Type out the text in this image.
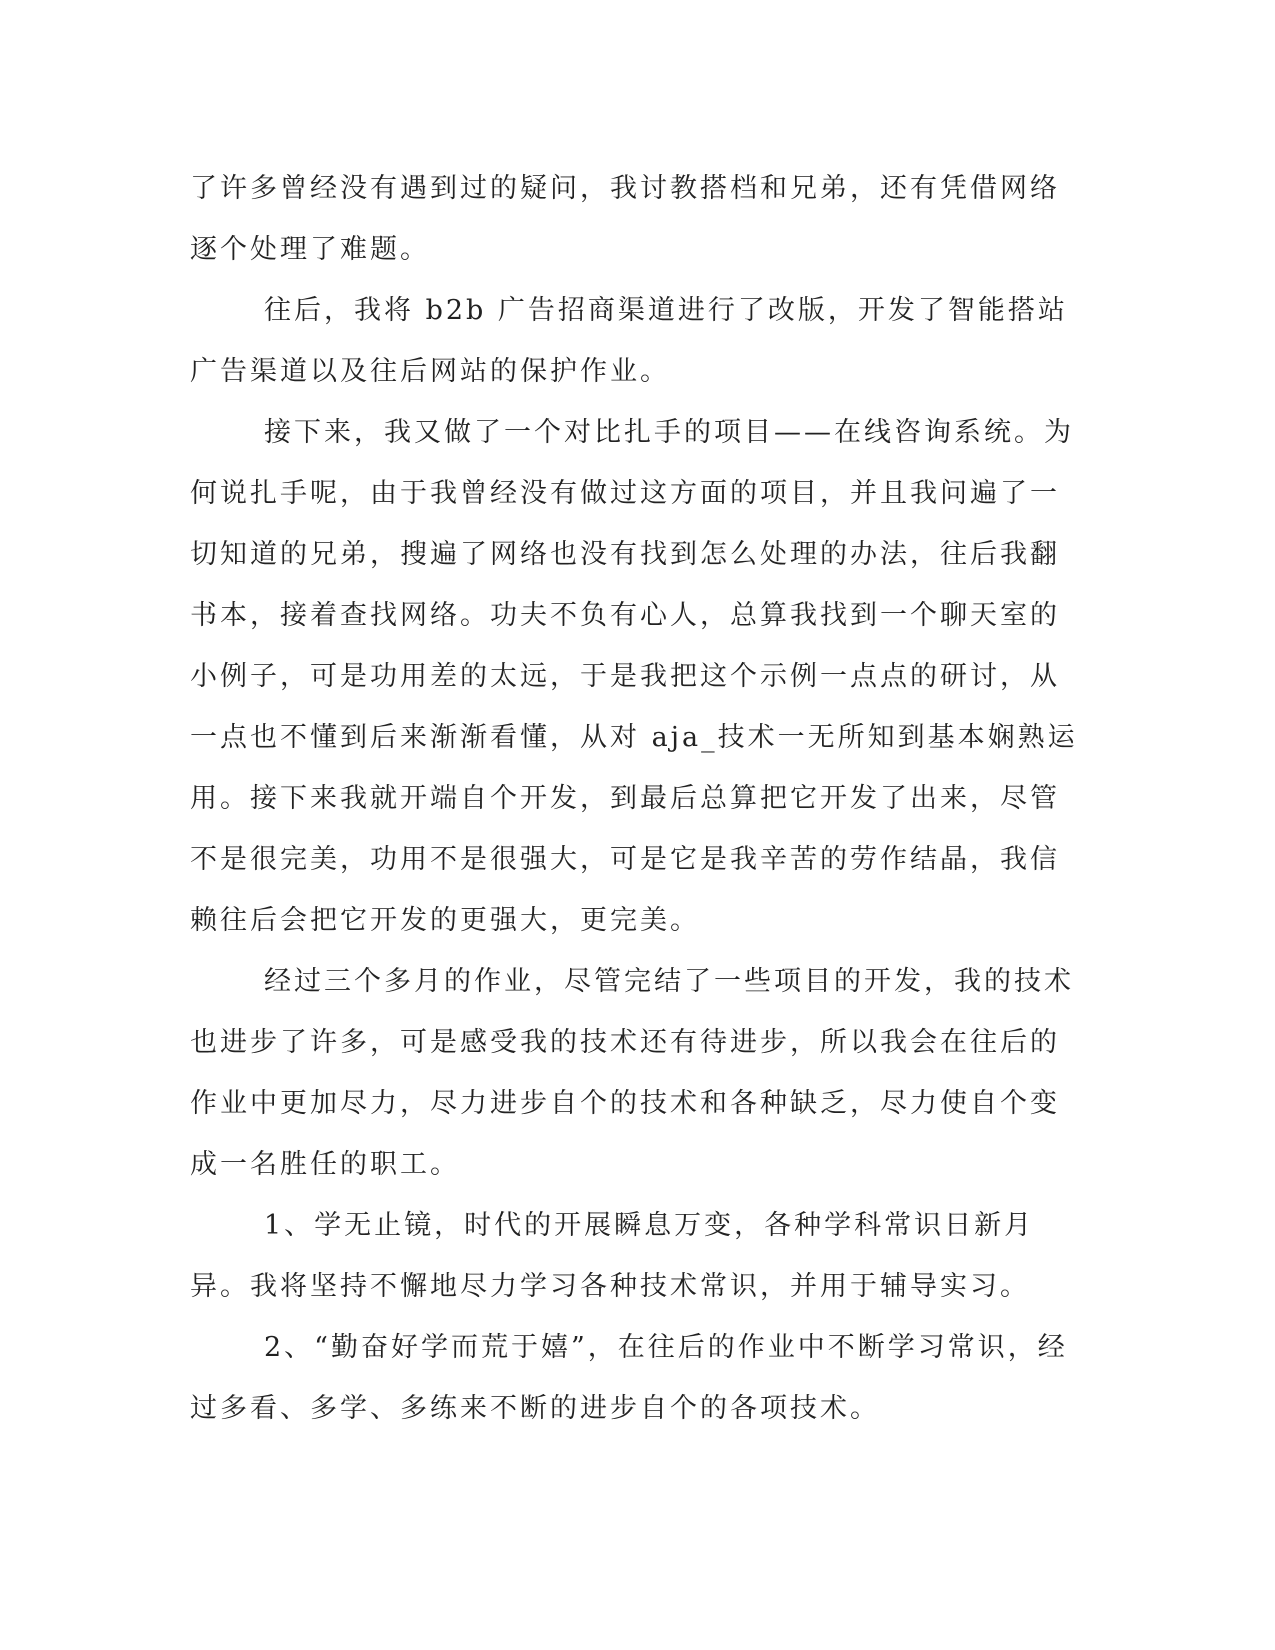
了许多曾经没有遇到过的疑问，我讨教搭档和兄弟，还有凭借网络逐个处理了难题。

往后，我将 b2b 广告招商渠道进行了改版，开发了智能搭站广告渠道以及往后网站的保护作业。

接下来，我又做了一个对比扎手的项目——在线咨询系统。为何说扎手呢，由于我曾经没有做过这方面的项目，并且我问遍了一切知道的兄弟，搜遍了网络也没有找到怎么处理的办法，往后我翻书本，接着查找网络。功夫不负有心人，总算我找到一个聊天室的小例子，可是功用差的太远，于是我把这个示例一点点的研讨，从一点也不懂到后来渐渐看懂，从对 aja_技术一无所知到基本娴熟运用。接下来我就开端自个开发，到最后总算把它开发了出来，尽管不是很完美，功用不是很强大，可是它是我辛苦的劳作结晶，我信赖往后会把它开发的更强大，更完美。

经过三个多月的作业，尽管完结了一些项目的开发，我的技术也进步了许多，可是感受我的技术还有待进步，所以我会在往后的作业中更加尽力，尽力进步自个的技术和各种缺乏，尽力使自个变成一名胜任的职工。

1、学无止镜，时代的开展瞬息万变，各种学科常识日新月异。我将坚持不懈地尽力学习各种技术常识，并用于辅导实习。

2、“勤奋好学而荒于嬉”，在往后的作业中不断学习常识，经过多看、多学、多练来不断的进步自个的各项技术。
